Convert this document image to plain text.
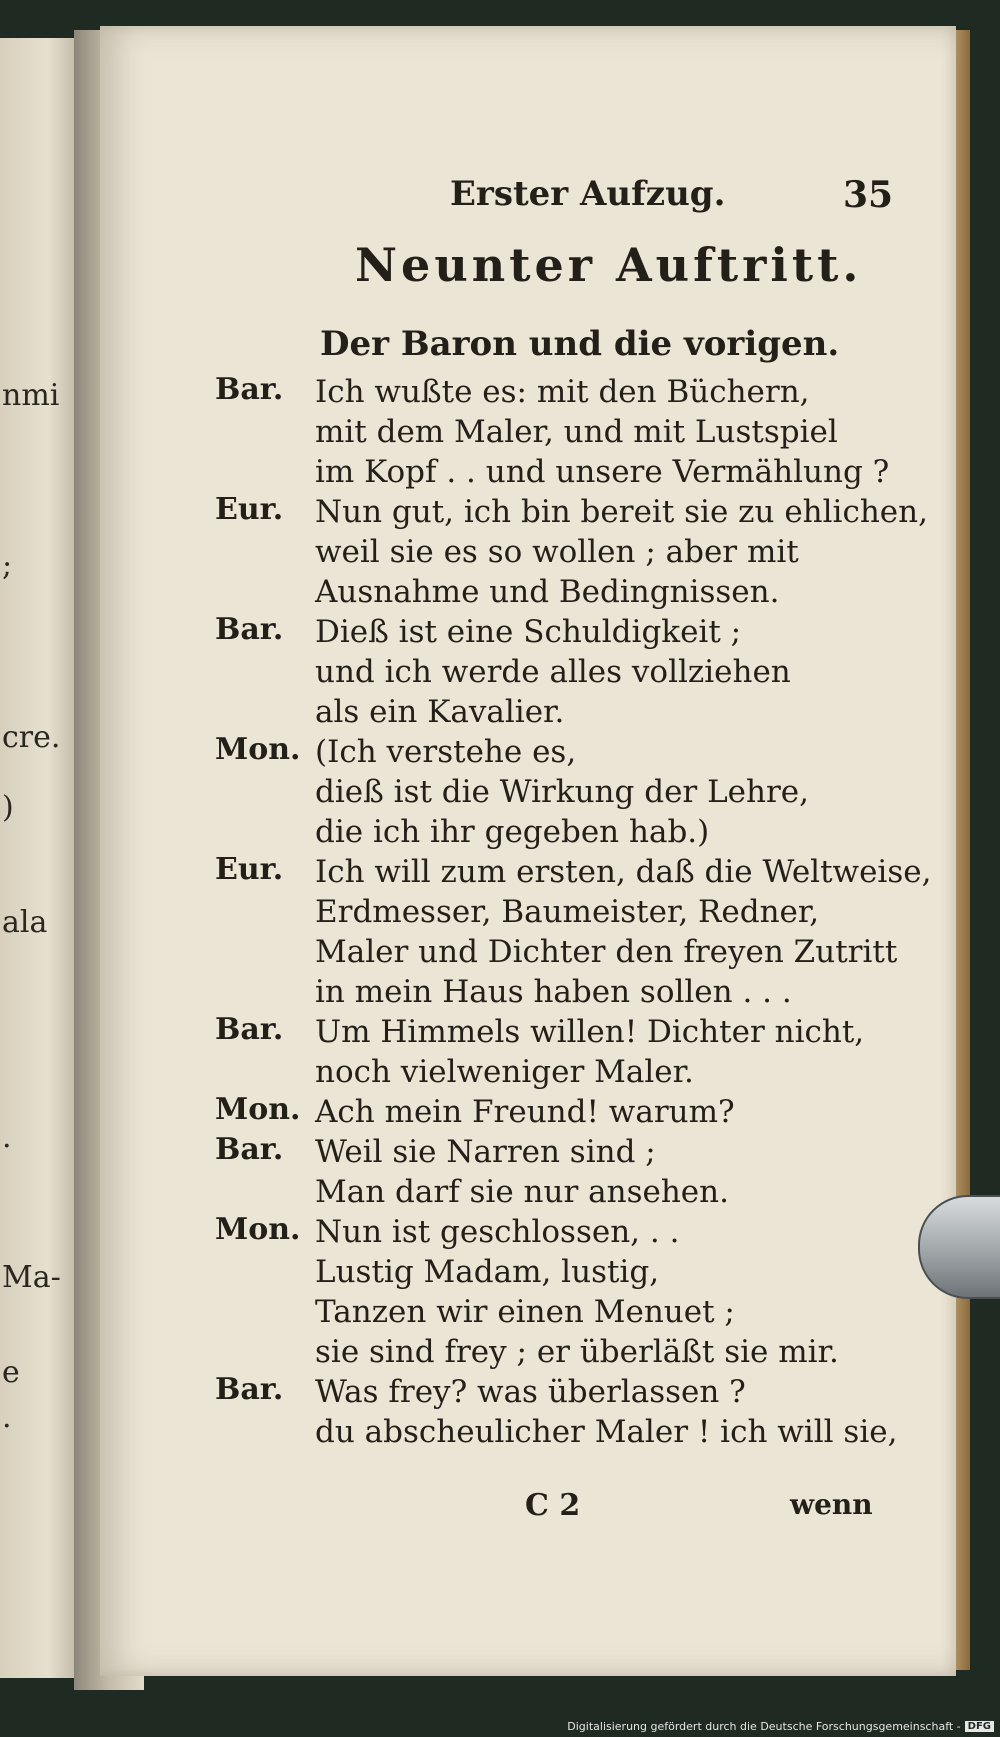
Erster Aufzug.	35
Neunter Auftritt.
Der Baron und die vorigen.
Bar. Ich wußte es: mit den Büchern,
mit dem Maler, und mit Lustspiel
im Kopf . . und unsere Vermählung ?
Eur. Nun gut, ich bin bereit sie zu ehlichen,
weil sie es so wollen ; aber mit
Ausnahme und Bedingnissen.
Bar. Dieß ist eine Schuldigkeit ;
und ich werde alles vollziehen
als ein Kavalier.
Mon. (Ich verstehe es,
dieß ist die Wirkung der Lehre,
die ich ihr gegeben hab.)
Eur. Ich will zum ersten, daß die Weltweise,
Erdmesser, Baumeister, Redner,
Maler und Dichter den freyen Zutritt
in mein Haus haben sollen . . .
Bar. Um Himmels willen! Dichter nicht,
noch vielweniger Maler.
Mon. Ach mein Freund! warum?
Bar. Weil sie Narren sind ;
Man darf sie nur ansehen.
Mon. Nun ist geschlossen, . .
Lustig Madam, lustig,
Tanzen wir einen Menuet ;
sie sind frey ; er überläßt sie mir.
Bar. Was frey? was überlassen ?
du abscheulicher Maler ! ich will sie,
C 2	wenn
nmi
;
cre.
)
ala
.
Ma-
e
.
Digitalisierung gefördert durch die Deutsche Forschungsgemeinschaft - DFG
